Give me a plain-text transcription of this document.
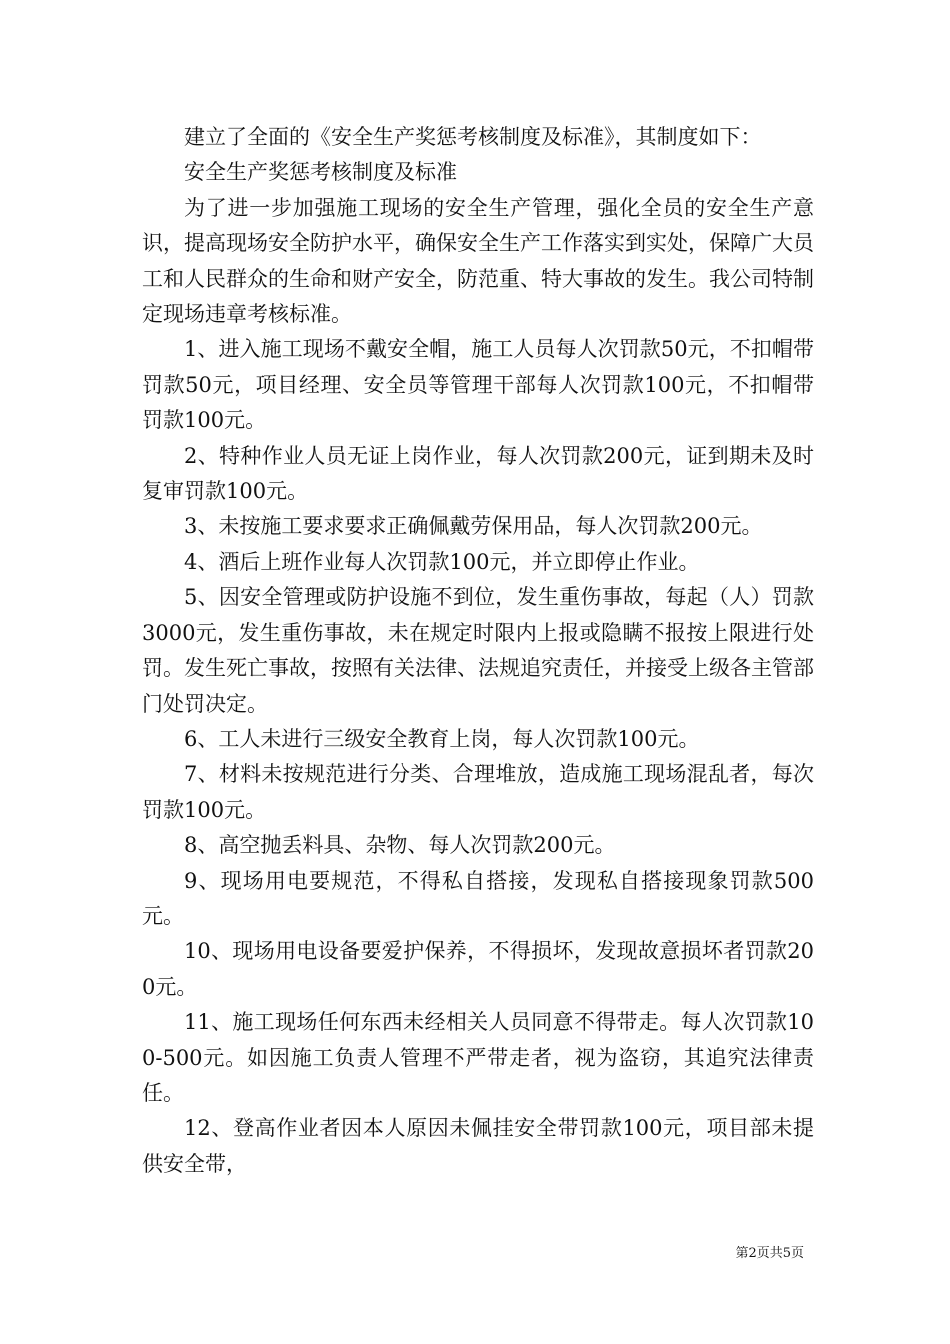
建立了全面的《安全生产奖惩考核制度及标准》，其制度如下：

安全生产奖惩考核制度及标准

为了进一步加强施工现场的安全生产管理，强化全员的安全生产意识，提高现场安全防护水平，确保安全生产工作落实到实处，保障广大员工和人民群众的生命和财产安全，防范重、特大事故的发生。我公司特制定现场违章考核标准。

1、进入施工现场不戴安全帽，施工人员每人次罚款50元，不扣帽带罚款50元，项目经理、安全员等管理干部每人次罚款100元，不扣帽带罚款100元。

2、特种作业人员无证上岗作业，每人次罚款200元，证到期未及时复审罚款100元。

3、未按施工要求要求正确佩戴劳保用品，每人次罚款200元。

4、酒后上班作业每人次罚款100元，并立即停止作业。

5、因安全管理或防护设施不到位，发生重伤事故，每起（人）罚款3000元，发生重伤事故，未在规定时限内上报或隐瞒不报按上限进行处罚。发生死亡事故，按照有关法律、法规追究责任，并接受上级各主管部门处罚决定。

6、工人未进行三级安全教育上岗，每人次罚款100元。

7、材料未按规范进行分类、合理堆放，造成施工现场混乱者，每次罚款100元。

8、高空抛丢料具、杂物、每人次罚款200元。

9、现场用电要规范，不得私自搭接，发现私自搭接现象罚款500元。

10、现场用电设备要爱护保养，不得损坏，发现故意损坏者罚款200元。

11、施工现场任何东西未经相关人员同意不得带走。每人次罚款100-500元。如因施工负责人管理不严带走者，视为盗窃，其追究法律责任。

12、登高作业者因本人原因未佩挂安全带罚款100元，项目部未提供安全带，

第2页共5页
